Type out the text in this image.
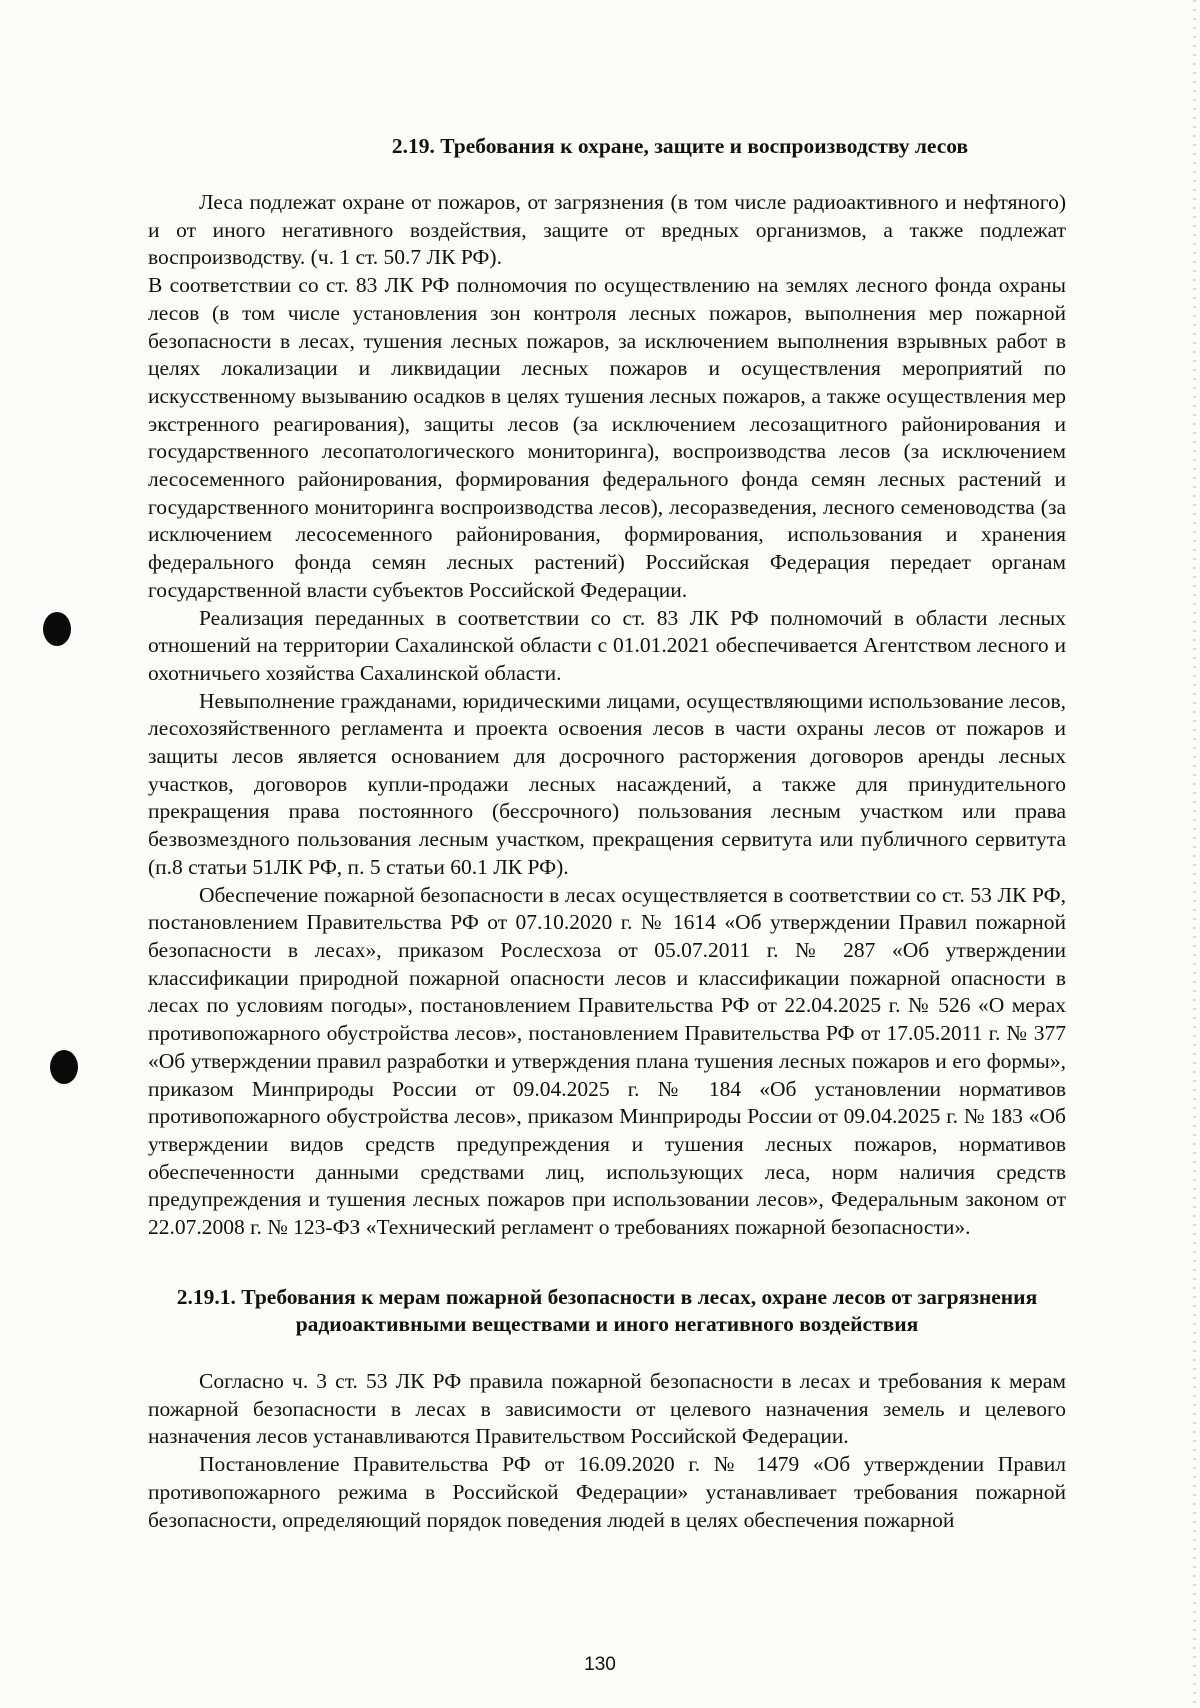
2.19. Требования к охране, защите и воспроизводству лесов

Леса подлежат охране от пожаров, от загрязнения (в том числе радиоактивного и нефтяного) и от иного негативного воздействия, защите от вредных организмов, а также подлежат воспроизводству. (ч. 1 ст. 50.7 ЛК РФ).

В соответствии со ст. 83 ЛК РФ полномочия по осуществлению на землях лесного фонда охраны лесов (в том числе установления зон контроля лесных пожаров, выполнения мер пожарной безопасности в лесах, тушения лесных пожаров, за исключением выполнения взрывных работ в целях локализации и ликвидации лесных пожаров и осуществления мероприятий по искусственному вызыванию осадков в целях тушения лесных пожаров, а также осуществления мер экстренного реагирования), защиты лесов (за исключением лесозащитного районирования и государственного лесопатологического мониторинга), воспроизводства лесов (за исключением лесосеменного районирования, формирования федерального фонда семян лесных растений и государственного мониторинга воспроизводства лесов), лесоразведения, лесного семеноводства (за исключением лесосеменного районирования, формирования, использования и хранения федерального фонда семян лесных растений) Российская Федерация передает органам государственной власти субъектов Российской Федерации.

Реализация переданных в соответствии со ст. 83 ЛК РФ полномочий в области лесных отношений на территории Сахалинской области с 01.01.2021 обеспечивается Агентством лесного и охотничьего хозяйства Сахалинской области.

Невыполнение гражданами, юридическими лицами, осуществляющими использование лесов, лесохозяйственного регламента и проекта освоения лесов в части охраны лесов от пожаров и защиты лесов является основанием для досрочного расторжения договоров аренды лесных участков, договоров купли-продажи лесных насаждений, а также для принудительного прекращения права постоянного (бессрочного) пользования лесным участком или права безвозмездного пользования лесным участком, прекращения сервитута или публичного сервитута (п.8 статьи 51ЛК РФ, п. 5 статьи 60.1 ЛК РФ).

Обеспечение пожарной безопасности в лесах осуществляется в соответствии со ст. 53 ЛК РФ, постановлением Правительства РФ от 07.10.2020 г. № 1614 «Об утверждении Правил пожарной безопасности в лесах», приказом Рослесхоза от 05.07.2011 г. № 287 «Об утверждении классификации природной пожарной опасности лесов и классификации пожарной опасности в лесах по условиям погоды», постановлением Правительства РФ от 22.04.2025 г. № 526 «О мерах противопожарного обустройства лесов», постановлением Правительства РФ от 17.05.2011 г. № 377 «Об утверждении правил разработки и утверждения плана тушения лесных пожаров и его формы», приказом Минприроды России от 09.04.2025 г. № 184 «Об установлении нормативов противопожарного обустройства лесов», приказом Минприроды России от 09.04.2025 г. № 183 «Об утверждении видов средств предупреждения и тушения лесных пожаров, нормативов обеспеченности данными средствами лиц, использующих леса, норм наличия средств предупреждения и тушения лесных пожаров при использовании лесов», Федеральным законом от 22.07.2008 г. № 123-ФЗ «Технический регламент о требованиях пожарной безопасности».

2.19.1. Требования к мерам пожарной безопасности в лесах, охране лесов от загрязнения радиоактивными веществами и иного негативного воздействия

Согласно ч. 3 ст. 53 ЛК РФ правила пожарной безопасности в лесах и требования к мерам пожарной безопасности в лесах в зависимости от целевого назначения земель и целевого назначения лесов устанавливаются Правительством Российской Федерации.

Постановление Правительства РФ от 16.09.2020 г. № 1479 «Об утверждении Правил противопожарного режима в Российской Федерации» устанавливает требования пожарной безопасности, определяющий порядок поведения людей в целях обеспечения пожарной

130
